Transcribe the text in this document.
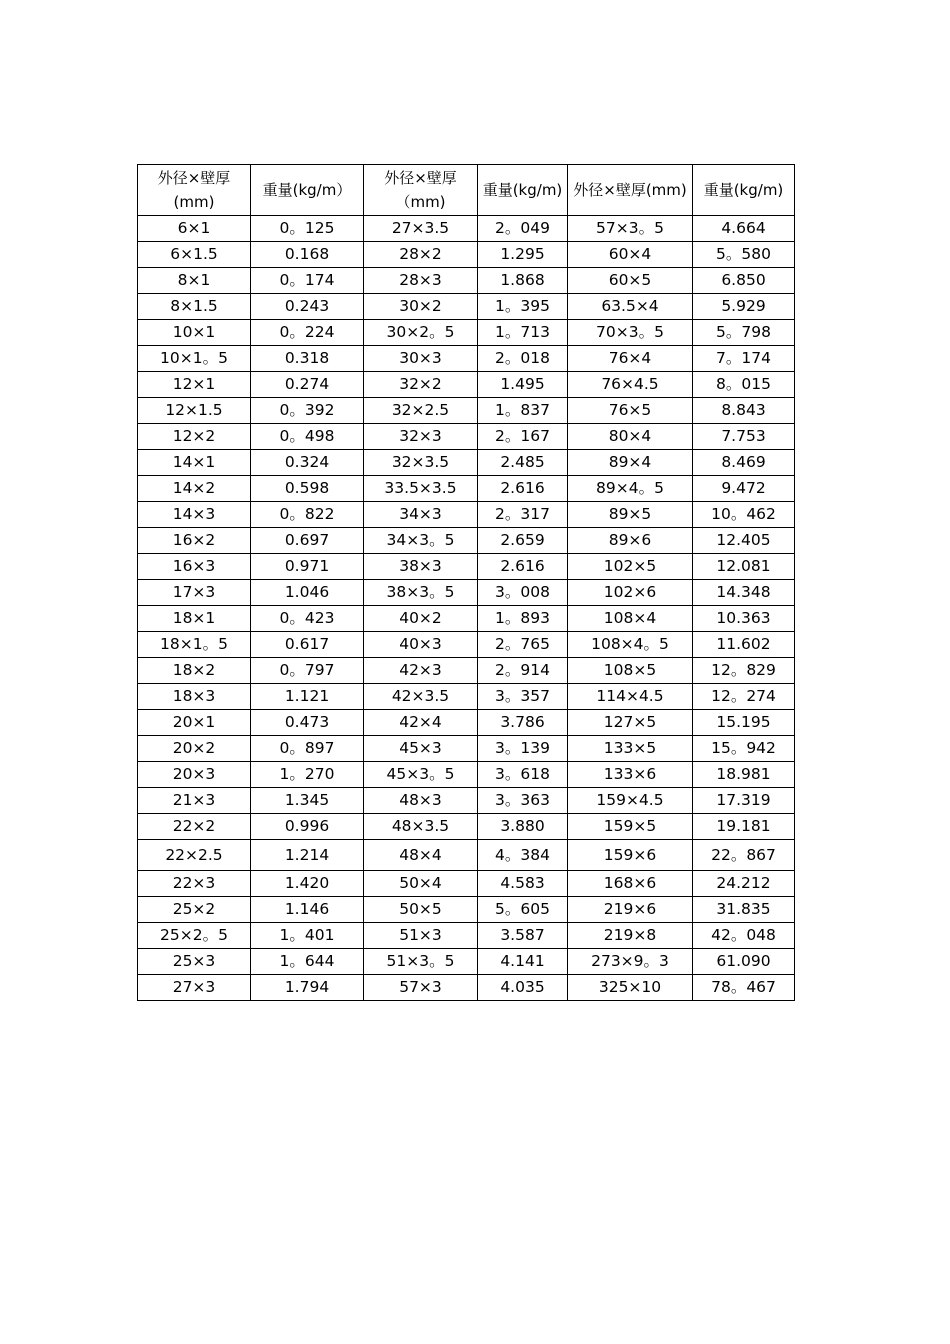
外径×壁厚(mm)	重量(kg/m）	外径×壁厚（mm)	重量(kg/m)	外径×壁厚(mm)	重量(kg/m)
6×1	0。125	27×3.5	2。049	57×3。5	4.664
6×1.5	0.168	28×2	1.295	60×4	5。580
8×1	0。174	28×3	1.868	60×5	6.850
8×1.5	0.243	30×2	1。395	63.5×4	5.929
10×1	0。224	30×2。5	1。713	70×3。5	5。798
10×1。5	0.318	30×3	2。018	76×4	7。174
12×1	0.274	32×2	1.495	76×4.5	8。015
12×1.5	0。392	32×2.5	1。837	76×5	8.843
12×2	0。498	32×3	2。167	80×4	7.753
14×1	0.324	32×3.5	2.485	89×4	8.469
14×2	0.598	33.5×3.5	2.616	89×4。5	9.472
14×3	0。822	34×3	2。317	89×5	10。462
16×2	0.697	34×3。5	2.659	89×6	12.405
16×3	0.971	38×3	2.616	102×5	12.081
17×3	1.046	38×3。5	3。008	102×6	14.348
18×1	0。423	40×2	1。893	108×4	10.363
18×1。5	0.617	40×3	2。765	108×4。5	11.602
18×2	0。797	42×3	2。914	108×5	12。829
18×3	1.121	42×3.5	3。357	114×4.5	12。274
20×1	0.473	42×4	3.786	127×5	15.195
20×2	0。897	45×3	3。139	133×5	15。942
20×3	1。270	45×3。5	3。618	133×6	18.981
21×3	1.345	48×3	3。363	159×4.5	17.319
22×2	0.996	48×3.5	3.880	159×5	19.181
22×2.5	1.214	48×4	4。384	159×6	22。867
22×3	1.420	50×4	4.583	168×6	24.212
25×2	1.146	50×5	5。605	219×6	31.835
25×2。5	1。401	51×3	3.587	219×8	42。048
25×3	1。644	51×3。5	4.141	273×9。3	61.090
27×3	1.794	57×3	4.035	325×10	78。467
